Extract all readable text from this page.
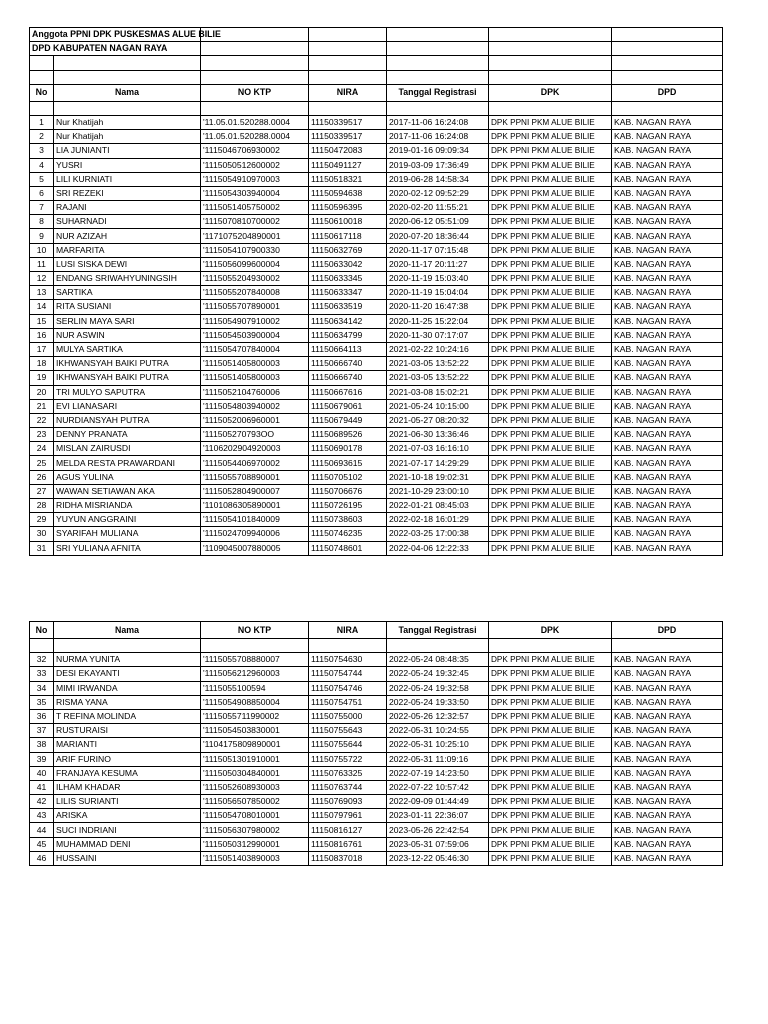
Anggota PPNI DPK PUSKESMAS ALUE BILIE						
DPD KABUPATEN NAGAN RAYA						

No	Nama	NO KTP	NIRA	Tanggal Registrasi	DPK	DPD

1	Nur Khatijah	'11.05.01.520288.0004	11150339517	2017-11-06 16:24:08	DPK PPNI PKM ALUE BILIE	KAB. NAGAN RAYA
2	Nur Khatijah	'11.05.01.520288.0004	11150339517	2017-11-06 16:24:08	DPK PPNI PKM ALUE BILIE	KAB. NAGAN RAYA
3	LIA JUNIANTI	'1115046706930002	11150472083	2019-01-16 09:09:34	DPK PPNI PKM ALUE BILIE	KAB. NAGAN RAYA
4	YUSRI	'1115050512600002	11150491127	2019-03-09 17:36:49	DPK PPNI PKM ALUE BILIE	KAB. NAGAN RAYA
5	LILI KURNIATI	'1115054910970003	11150518321	2019-06-28 14:58:34	DPK PPNI PKM ALUE BILIE	KAB. NAGAN RAYA
6	SRI REZEKI	'1115054303940004	11150594638	2020-02-12 09:52:29	DPK PPNI PKM ALUE BILIE	KAB. NAGAN RAYA
7	RAJANI	'1115051405750002	11150596395	2020-02-20 11:55:21	DPK PPNI PKM ALUE BILIE	KAB. NAGAN RAYA
8	SUHARNADI	'1115070810700002	11150610018	2020-06-12 05:51:09	DPK PPNI PKM ALUE BILIE	KAB. NAGAN RAYA
9	NUR AZIZAH	'1171075204890001	11150617118	2020-07-20 18:36:44	DPK PPNI PKM ALUE BILIE	KAB. NAGAN RAYA
10	MARFARITA	'1115054107900330	11150632769	2020-11-17 07:15:48	DPK PPNI PKM ALUE BILIE	KAB. NAGAN RAYA
11	LUSI SISKA DEWI	'1115056099600004	11150633042	2020-11-17 20:11:27	DPK PPNI PKM ALUE BILIE	KAB. NAGAN RAYA
12	ENDANG SRIWAHYUNINGSIH	'1115055204930002	11150633345	2020-11-19 15:03:40	DPK PPNI PKM ALUE BILIE	KAB. NAGAN RAYA
13	SARTIKA	'1115055207840008	11150633347	2020-11-19 15:04:04	DPK PPNI PKM ALUE BILIE	KAB. NAGAN RAYA
14	RITA SUSIANI	'1115055707890001	11150633519	2020-11-20 16:47:38	DPK PPNI PKM ALUE BILIE	KAB. NAGAN RAYA
15	SERLIN MAYA SARI	'1115054907910002	11150634142	2020-11-25 15:22:04	DPK PPNI PKM ALUE BILIE	KAB. NAGAN RAYA
16	NUR ASWIN	'1115054503900004	11150634799	2020-11-30 07:17:07	DPK PPNI PKM ALUE BILIE	KAB. NAGAN RAYA
17	MULYA SARTIKA	'1115054707840004	11150664113	2021-02-22 10:24:16	DPK PPNI PKM ALUE BILIE	KAB. NAGAN RAYA
18	IKHWANSYAH BAIKI PUTRA	'1115051405800003	11150666740	2021-03-05 13:52:22	DPK PPNI PKM ALUE BILIE	KAB. NAGAN RAYA
19	IKHWANSYAH BAIKI PUTRA	'1115051405800003	11150666740	2021-03-05 13:52:22	DPK PPNI PKM ALUE BILIE	KAB. NAGAN RAYA
20	TRI MULYO SAPUTRA	'1115052104760006	11150667616	2021-03-08 15:02:21	DPK PPNI PKM ALUE BILIE	KAB. NAGAN RAYA
21	EVI LIANASARI	'1115054803940002	11150679061	2021-05-24 10:15:00	DPK PPNI PKM ALUE BILIE	KAB. NAGAN RAYA
22	NURDIANSYAH PUTRA	'1115052006960001	11150679449	2021-05-27 08:20:32	DPK PPNI PKM ALUE BILIE	KAB. NAGAN RAYA
23	DENNY PRANATA	'111505270793OO	11150689526	2021-06-30 13:36:46	DPK PPNI PKM ALUE BILIE	KAB. NAGAN RAYA
24	MISLAN ZAIRUSDI	'1106202904920003	11150690178	2021-07-03 16:16:10	DPK PPNI PKM ALUE BILIE	KAB. NAGAN RAYA
25	MELDA RESTA PRAWARDANI	'1115054406970002	11150693615	2021-07-17 14:29:29	DPK PPNI PKM ALUE BILIE	KAB. NAGAN RAYA
26	AGUS YULINA	'1115055708890001	11150705102	2021-10-18 19:02:31	DPK PPNI PKM ALUE BILIE	KAB. NAGAN RAYA
27	WAWAN SETIAWAN AKA	'1115052804900007	11150706676	2021-10-29 23:00:10	DPK PPNI PKM ALUE BILIE	KAB. NAGAN RAYA
28	RIDHA MISRIANDA	'1101086305890001	11150726195	2022-01-21 08:45:03	DPK PPNI PKM ALUE BILIE	KAB. NAGAN RAYA
29	YUYUN ANGGRAINI	'1115054101840009	11150738603	2022-02-18 16:01:29	DPK PPNI PKM ALUE BILIE	KAB. NAGAN RAYA
30	SYARIFAH MULIANA	'1115024709940006	11150746235	2022-03-25 17:00:38	DPK PPNI PKM ALUE BILIE	KAB. NAGAN RAYA
31	SRI YULIANA AFNITA	'1109045007880005	11150748601	2022-04-06 12:22:33	DPK PPNI PKM ALUE BILIE	KAB. NAGAN RAYA
No	Nama	NO KTP	NIRA	Tanggal Registrasi	DPK	DPD

32	NURMA YUNITA	'1115055708880007	11150754630	2022-05-24 08:48:35	DPK PPNI PKM ALUE BILIE	KAB. NAGAN RAYA
33	DESI EKAYANTI	'1115056212960003	11150754744	2022-05-24 19:32:45	DPK PPNI PKM ALUE BILIE	KAB. NAGAN RAYA
34	MIMI IRWANDA	'1115055100594	11150754746	2022-05-24 19:32:58	DPK PPNI PKM ALUE BILIE	KAB. NAGAN RAYA
35	RISMA YANA	'1115054908850004	11150754751	2022-05-24 19:33:50	DPK PPNI PKM ALUE BILIE	KAB. NAGAN RAYA
36	T REFINA MOLINDA	'1115055711990002	11150755000	2022-05-26 12:32:57	DPK PPNI PKM ALUE BILIE	KAB. NAGAN RAYA
37	RUSTURAISI	'1115054503830001	11150755643	2022-05-31 10:24:55	DPK PPNI PKM ALUE BILIE	KAB. NAGAN RAYA
38	MARIANTI	'1104175809890001	11150755644	2022-05-31 10:25:10	DPK PPNI PKM ALUE BILIE	KAB. NAGAN RAYA
39	ARIF FURINO	'1115051301910001	11150755722	2022-05-31 11:09:16	DPK PPNI PKM ALUE BILIE	KAB. NAGAN RAYA
40	FRANJAYA KESUMA	'1115050304840001	11150763325	2022-07-19 14:23:50	DPK PPNI PKM ALUE BILIE	KAB. NAGAN RAYA
41	ILHAM KHADAR	'1115052608930003	11150763744	2022-07-22 10:57:42	DPK PPNI PKM ALUE BILIE	KAB. NAGAN RAYA
42	LILIS SURIANTI	'1115056507850002	11150769093	2022-09-09 01:44:49	DPK PPNI PKM ALUE BILIE	KAB. NAGAN RAYA
43	ARISKA	'1115054708010001	11150797961	2023-01-11 22:36:07	DPK PPNI PKM ALUE BILIE	KAB. NAGAN RAYA
44	SUCI INDRIANI	'1115056307980002	11150816127	2023-05-26 22:42:54	DPK PPNI PKM ALUE BILIE	KAB. NAGAN RAYA
45	MUHAMMAD DENI	'1115050312990001	11150816761	2023-05-31 07:59:06	DPK PPNI PKM ALUE BILIE	KAB. NAGAN RAYA
46	HUSSAINI	'1115051403890003	11150837018	2023-12-22 05:46:30	DPK PPNI PKM ALUE BILIE	KAB. NAGAN RAYA
